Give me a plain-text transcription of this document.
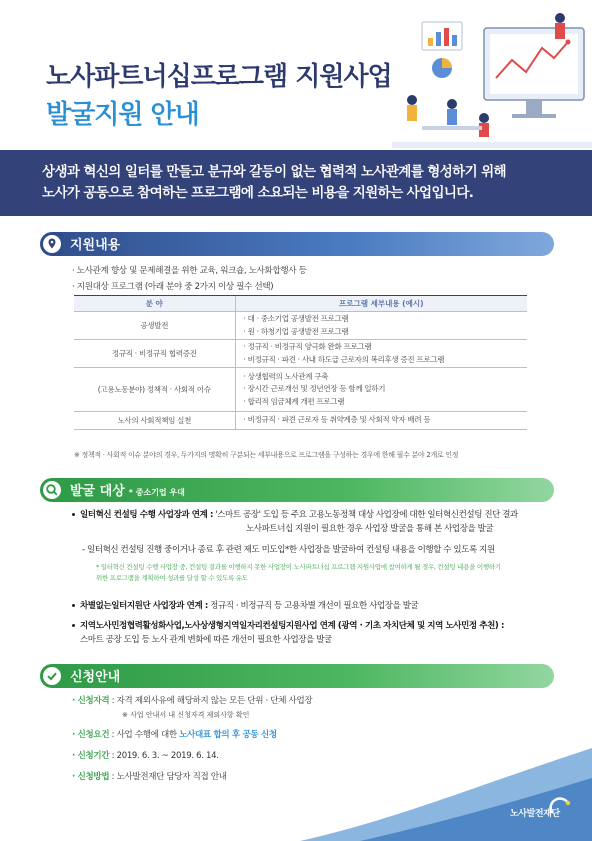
노사파트너십프로그램 지원사업
발굴지원 안내
상생과 혁신의 일터를 만들고 분규와 갈등이 없는 협력적 노사관계를 형성하기 위해
노사가 공동으로 참여하는 프로그램에 소요되는 비용을 지원하는 사업입니다.
지원내용
· 노사관계 향상 및 문제해결을 위한 교육, 워크숍, 노사화합행사 등
· 지원대상 프로그램 (아래 분야 중 2가지 이상 필수 선택)
분 야	프로그램 세부내용 (예시)
공생발전	· 대 · 중소기업 공생발전 프로그램
· 원 · 하청기업 공생발전 프로그램

정규직 · 비정규직 협력증진	· 정규직 · 비정규직 양극화 완화 프로그램
· 비정규직 · 파견 · 사내 하도급 근로자의 복리후생 증진 프로그램

(고용노동분야) 정책적 · 사회적 이슈	· 상생협력의 노사관계 구축
· 장시간 근로개선 및 정년연장 등 함께 일하기
· 합리적 임금체계 개편 프로그램

노사의 사회적책임 실천	· 비정규직 · 파견 근로자 등 취약계층 및 사회적 약자 배려 등
※ 정책적 · 사회적 이슈 분야의 경우, 두가지의 명확히 구분되는 세부내용으로 프로그램을 구성하는 경우에 한해 필수 분야 2개로 인정
발굴 대상 * 중소기업 우대
일터혁신 컨설팅 수행 사업장과 연계 : '스마트 공장' 도입 등 주요 고용노동정책 대상 사업장에 대한 일터혁신컨설팅 진단 결과
노사파트너십 지원이 필요한 경우 사업장 발굴을 통해 본 사업장을 발굴
- 일터혁신 컨설팅 진행 중이거나 종료 후 관련 제도 미도입*한 사업장을 발굴하여 컨설팅 내용을 이행할 수 있도록 지원
* 일터혁신 컨설팅 수행 사업장 중, 컨설팅 결과를 이행하지 못한 사업장이 노사파트너십 프로그램 지원사업에 참여하게 될 경우, 컨설팅 내용을 이행하기
위한 프로그램을 계획하여 성과를 달성 할 수 있도록 유도
차별없는일터지원단 사업장과 연계 : 정규직 · 비정규직 등 고용차별 개선이 필요한 사업장을 발굴
지역노사민정협력활성화사업,노사상생형지역일자리컨설팅지원사업 연계 (광역 · 기초 자치단체 및 지역 노사민정 추천) :
스마트 공장 도입 등 노사 관계 변화에 따른 개선이 필요한 사업장을 발굴
신청안내
· 신청자격 : 자격 제외사유에 해당하지 않는 모든 단위 · 단체 사업장
※ 사업 안내서 내 신청자격 제외사항 확인
· 신청요건 : 사업 수행에 대한 노사대표 합의 후 공동 신청
· 신청기간 : 2019. 6. 3. ~ 2019. 6. 14.
· 신청방법 : 노사발전재단 담당자 직접 안내
노사발전재단
